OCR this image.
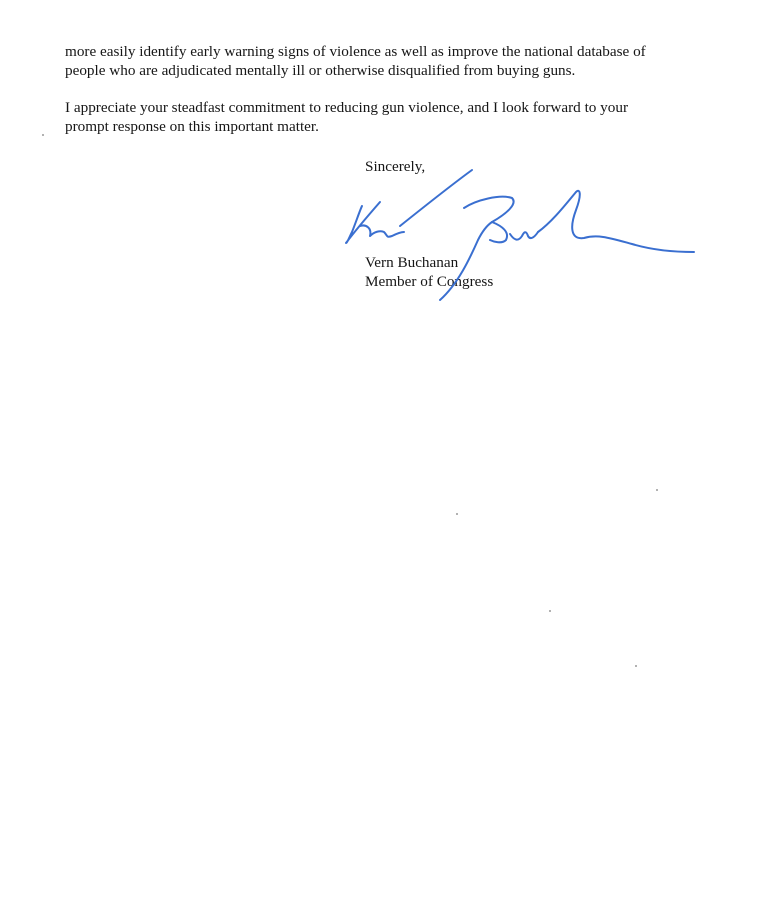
more easily identify early warning signs of violence as well as improve the national database of
people who are adjudicated mentally ill or otherwise disqualified from buying guns.

I appreciate your steadfast commitment to reducing gun violence, and I look forward to your
prompt response on this important matter.

Sincerely,
Vern Buchanan
Member of Congress
